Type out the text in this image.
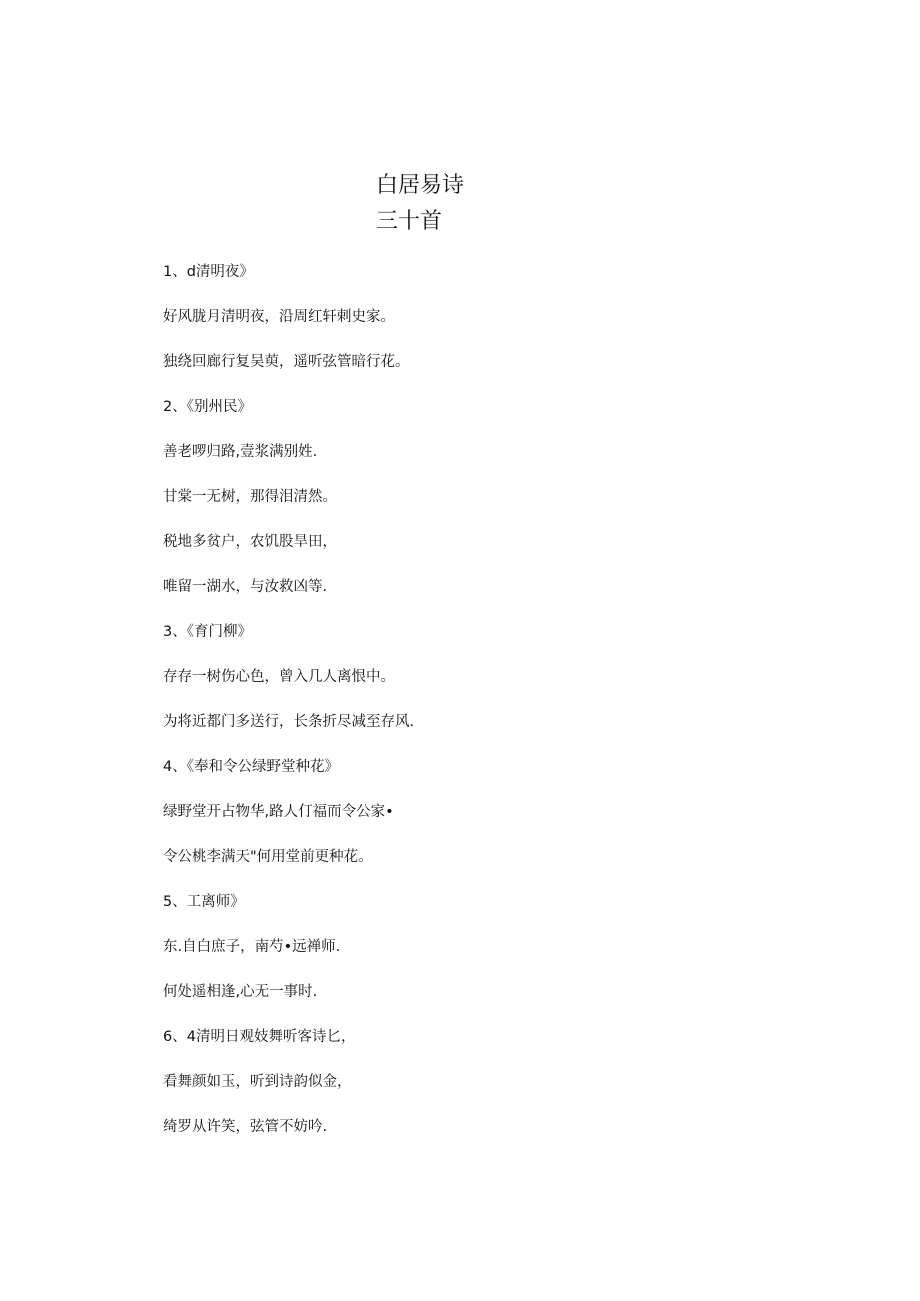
白居易诗
三十首
1、d清明夜》
好风胧月清明夜，沿周红轩剌史家。
独绕回廊行复吴萸，遥听弦管暗行花。
2、《别州民》
善老啰归路,壹浆满别姓.
甘棠一无树，那得泪清然。
税地多贫户，农饥股旱田，
唯留一湖水，与汝救凶等.
3、《育门柳》
存存一树伤心色，曾入几人离恨中。
为将近都门多送行，长条折尽减至存风.
4、《奉和令公绿野堂种花》
绿野堂开占物华,路人仃福而令公家•
令公桃李满天"何用堂前更种花。
5、工离师》
东.自白庶子，南芍•远禅师.
何处遥相逢,心无一事时.
6、4清明日观妓舞听客诗匕，
看舞颜如玉，听到诗韵似金，
绮罗从许笑，弦管不妨吟.
